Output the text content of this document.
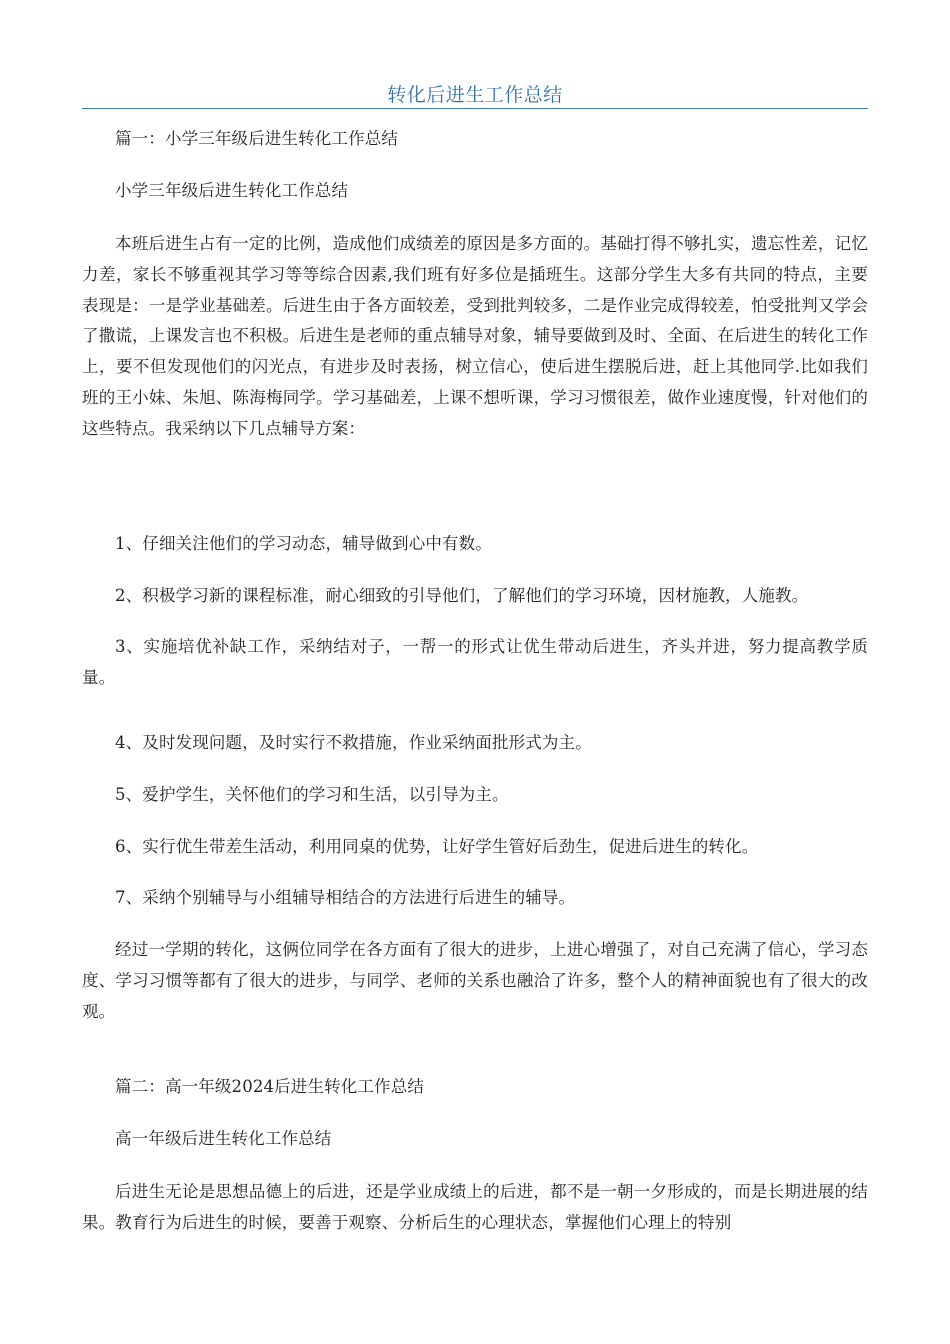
转化后进生工作总结

篇一：小学三年级后进生转化工作总结

小学三年级后进生转化工作总结

本班后进生占有一定的比例，造成他们成绩差的原因是多方面的。基础打得不够扎实，遗忘性差，记忆力差，家长不够重视其学习等等综合因素,我们班有好多位是插班生。这部分学生大多有共同的特点，主要表现是：一是学业基础差。后进生由于各方面较差，受到批判较多，二是作业完成得较差，怕受批判又学会了撒谎，上课发言也不积极。后进生是老师的重点辅导对象，辅导要做到及时、全面、在后进生的转化工作上，要不但发现他们的闪光点，有进步及时表扬，树立信心，使后进生摆脱后进，赶上其他同学.比如我们班的王小妹、朱旭、陈海梅同学。学习基础差，上课不想听课，学习习惯很差，做作业速度慢，针对他们的这些特点。我采纳以下几点辅导方案：

1、仔细关注他们的学习动态，辅导做到心中有数。

2、积极学习新的课程标准，耐心细致的引导他们，了解他们的学习环境，因材施教，人施教。

3、实施培优补缺工作，采纳结对子，一帮一的形式让优生带动后进生，齐头并进，努力提高教学质量。

4、及时发现问题，及时实行不救措施，作业采纳面批形式为主。

5、爱护学生，关怀他们的学习和生活，以引导为主。

6、实行优生带差生活动，利用同桌的优势，让好学生管好后劲生，促进后进生的转化。

7、采纳个别辅导与小组辅导相结合的方法进行后进生的辅导。

经过一学期的转化，这俩位同学在各方面有了很大的进步，上进心增强了，对自己充满了信心，学习态度、学习习惯等都有了很大的进步，与同学、老师的关系也融洽了许多，整个人的精神面貌也有了很大的改观。

篇二：高一年级2024后进生转化工作总结

高一年级后进生转化工作总结

后进生无论是思想品德上的后进，还是学业成绩上的后进，都不是一朝一夕形成的，而是长期进展的结果。教育行为后进生的时候，要善于观察、分析后生的心理状态，掌握他们心理上的特别
